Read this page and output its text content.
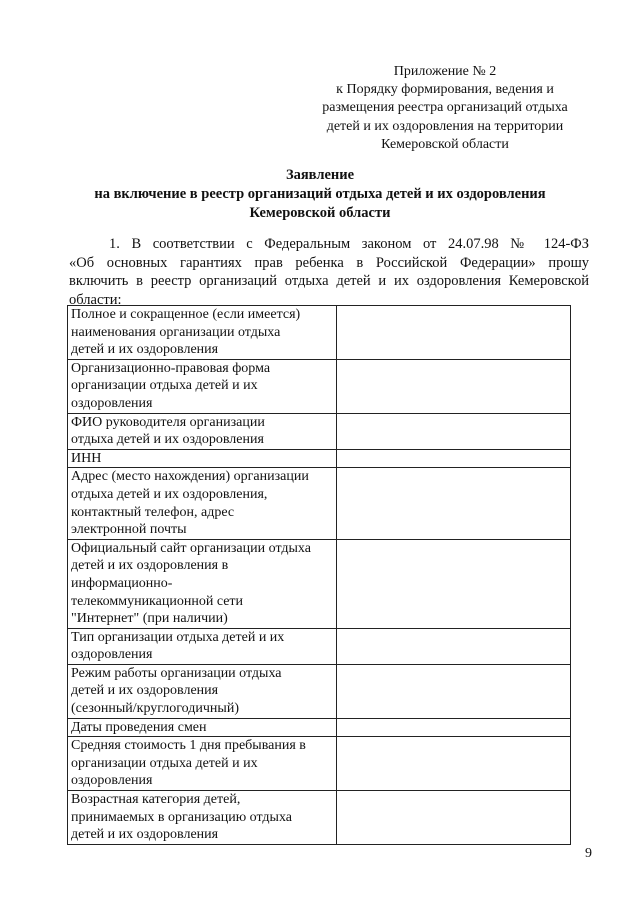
Приложение № 2
к Порядку формирования, ведения и
размещения реестра организаций отдыха
детей и их оздоровления на территории
Кемеровской области
Заявление
на включение в реестр организаций отдыха детей и их оздоровления
Кемеровской области
1. В соответствии с Федеральным законом от 24.07.98 № 124-ФЗ
«Об основных гарантиях прав ребенка в Российской Федерации» прошу
включить в реестр организаций отдыха детей и их оздоровления Кемеровской
области:
Полное и сокращенное (если имеется)
наименования организации отдыха
детей и их оздоровления	

Организационно-правовая форма
организации отдыха детей и их
оздоровления	

ФИО руководителя организации
отдыха детей и их оздоровления	

ИНН	

Адрес (место нахождения) организации
отдыха детей и их оздоровления,
контактный телефон, адрес
электронной почты	

Официальный сайт организации отдыха
детей и их оздоровления в
информационно-
телекоммуникационной сети
"Интернет" (при наличии)	

Тип организации отдыха детей и их
оздоровления	

Режим работы организации отдыха
детей и их оздоровления
(сезонный/круглогодичный)	

Даты проведения смен	

Средняя стоимость 1 дня пребывания в
организации отдыха детей и их
оздоровления	

Возрастная категория детей,
принимаемых в организацию отдыха
детей и их оздоровления	

9
